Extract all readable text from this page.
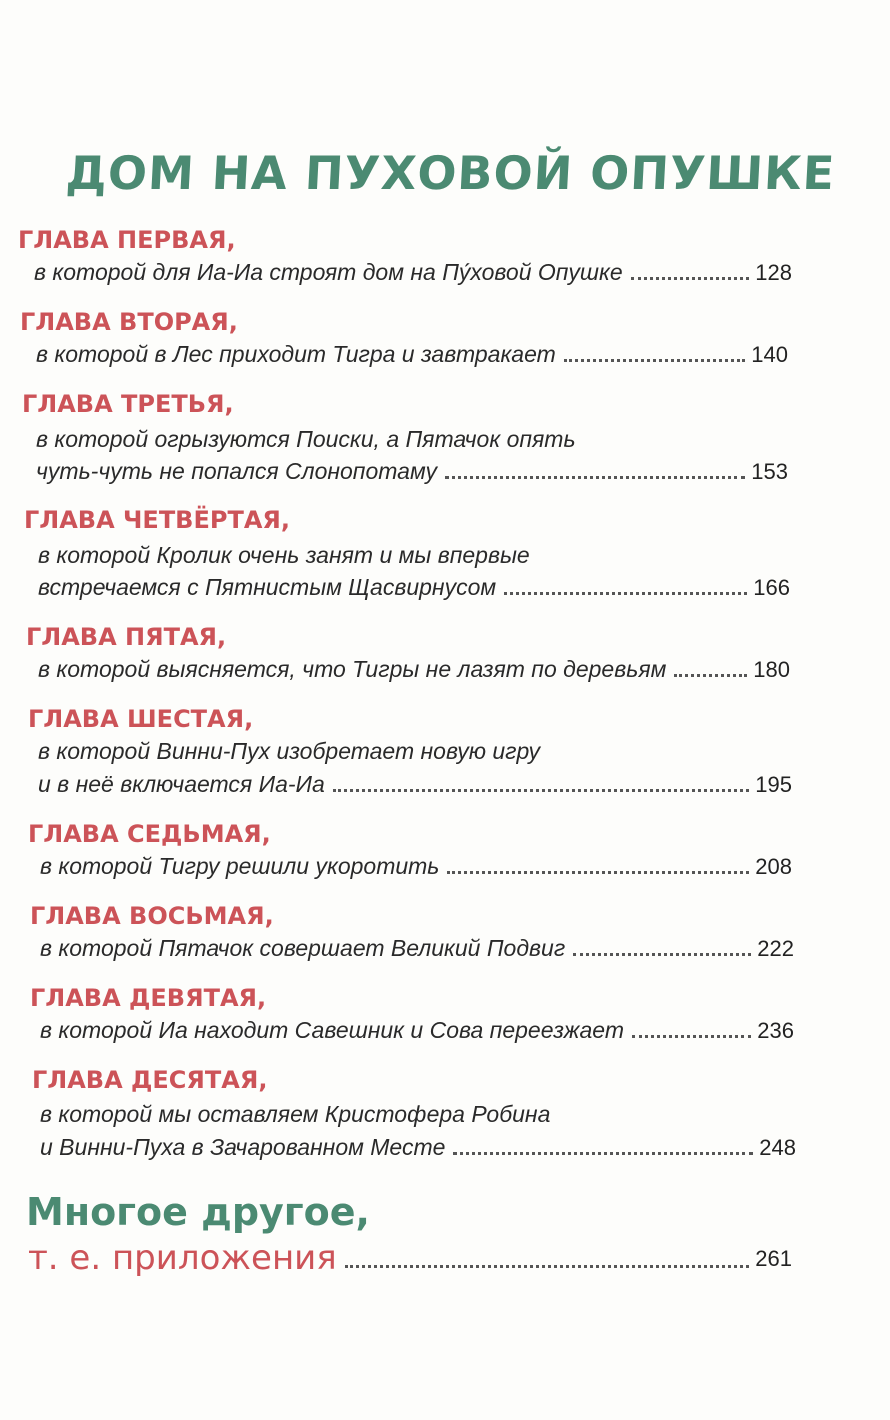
ДОМ НА ПУХОВОЙ ОПУШКЕ
ГЛАВА ПЕРВАЯ,
в которой для Иа-Иа строят дом на Пу́ховой Опушке	128
ГЛАВА ВТОРАЯ,
в которой в Лес приходит Тигра и завтракает	140
ГЛАВА ТРЕТЬЯ,
в которой огрызуются Поиски, а Пятачок опять
чуть-чуть не попался Слонопотаму	153
ГЛАВА ЧЕТВЁРТАЯ,
в которой Кролик очень занят и мы впервые
встречаемся с Пятнистым Щасвирнусом	166
ГЛАВА ПЯТАЯ,
в которой выясняется, что Тигры не лазят по деревьям	180
ГЛАВА ШЕСТАЯ,
в которой Винни-Пух изобретает новую игру
и в неё включается Иа-Иа	195
ГЛАВА СЕДЬМАЯ,
в которой Тигру решили укоротить	208
ГЛАВА ВОСЬМАЯ,
в которой Пятачок совершает Великий Подвиг	222
ГЛАВА ДЕВЯТАЯ,
в которой Иа находит Савешник и Сова переезжает	236
ГЛАВА ДЕСЯТАЯ,
в которой мы оставляем Кристофера Робина
и Винни-Пуха в Зачарованном Месте	248
Многое другое,
т. е. приложения	261
